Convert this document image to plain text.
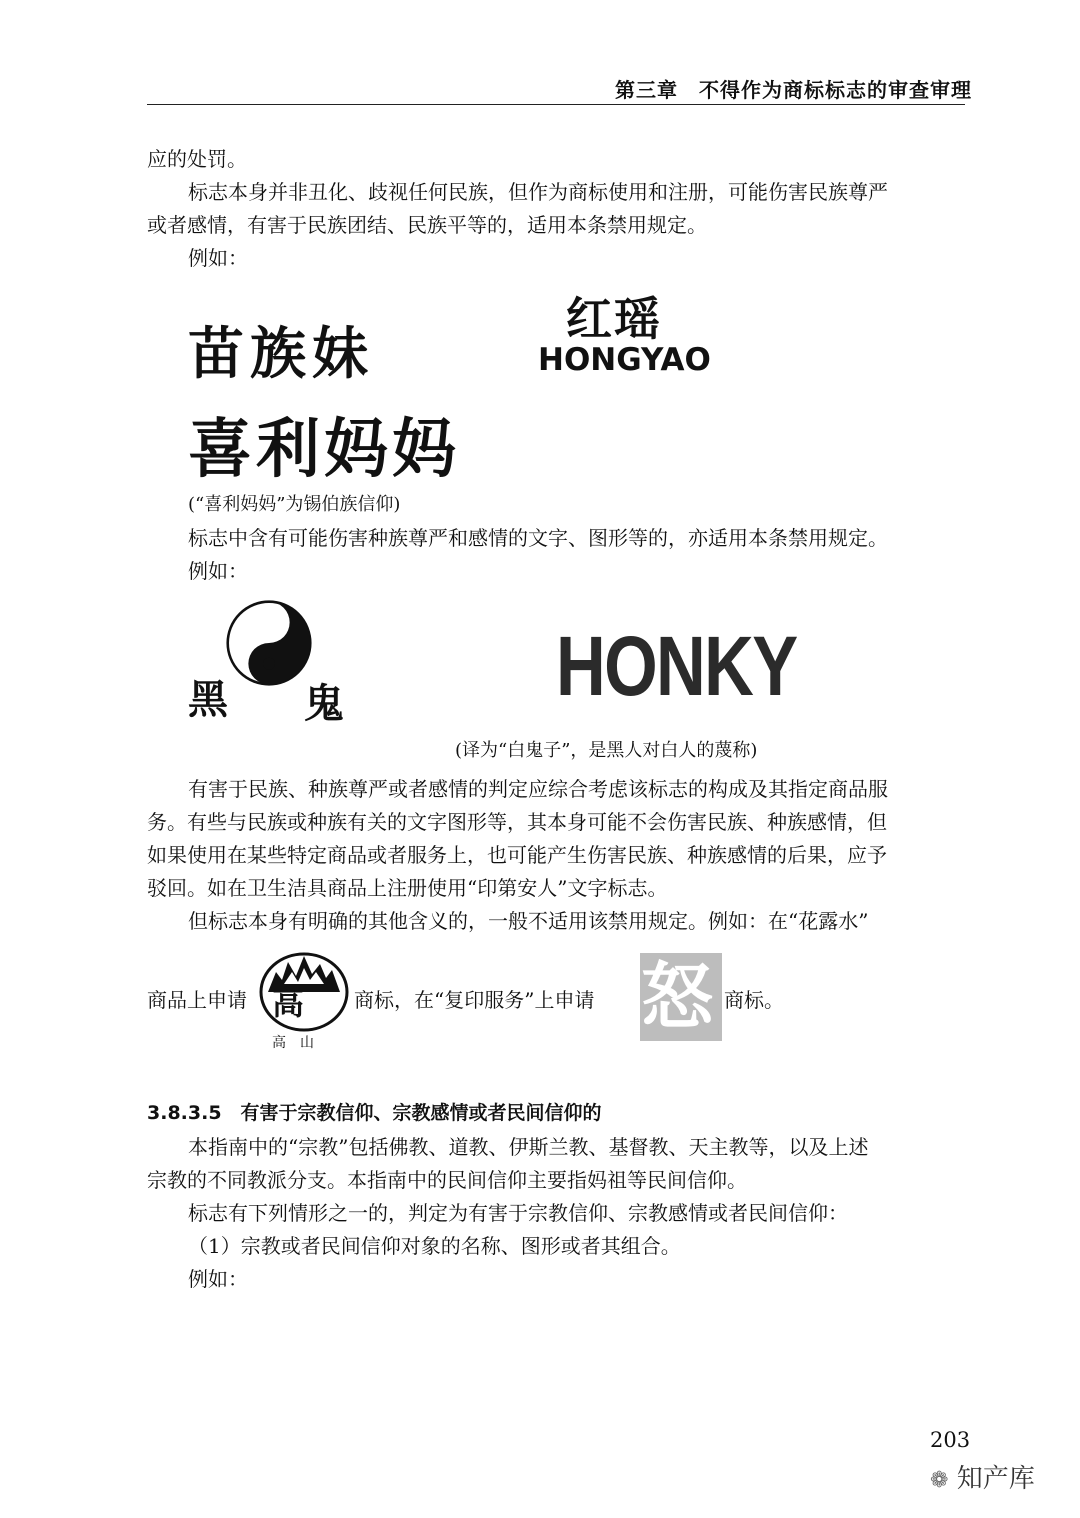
第三章　不得作为商标标志的审查审理
应的处罚。
标志本身并非丑化、歧视任何民族，但作为商标使用和注册，可能伤害民族尊严
或者感情，有害于民族团结、民族平等的，适用本条禁用规定。
例如：
苗族妹
红瑶
HONGYAO
喜利妈妈
(“喜利妈妈”为锡伯族信仰)
标志中含有可能伤害种族尊严和感情的文字、图形等的，亦适用本条禁用规定。
例如：
黑 鬼	HONKY
(译为“白鬼子”，是黑人对白人的蔑称)
有害于民族、种族尊严或者感情的判定应综合考虑该标志的构成及其指定商品服
务。有些与民族或种族有关的文字图形等，其本身可能不会伤害民族、种族感情，但
如果使用在某些特定商品或者服务上，也可能产生伤害民族、种族感情的后果，应予
驳回。如在卫生洁具商品上注册使用“印第安人”文字标志。
但标志本身有明确的其他含义的，一般不适用该禁用规定。例如：在“花露水”
商品上申请 高
高　山
商标，在“复印服务”上申请 怒 商标。
3.8.3.5　有害于宗教信仰、宗教感情或者民间信仰的
本指南中的“宗教”包括佛教、道教、伊斯兰教、基督教、天主教等，以及上述
宗教的不同教派分支。本指南中的民间信仰主要指妈祖等民间信仰。
标志有下列情形之一的，判定为有害于宗教信仰、宗教感情或者民间信仰：
（1）宗教或者民间信仰对象的名称、图形或者其组合。
例如：
203
❁ 知产库
